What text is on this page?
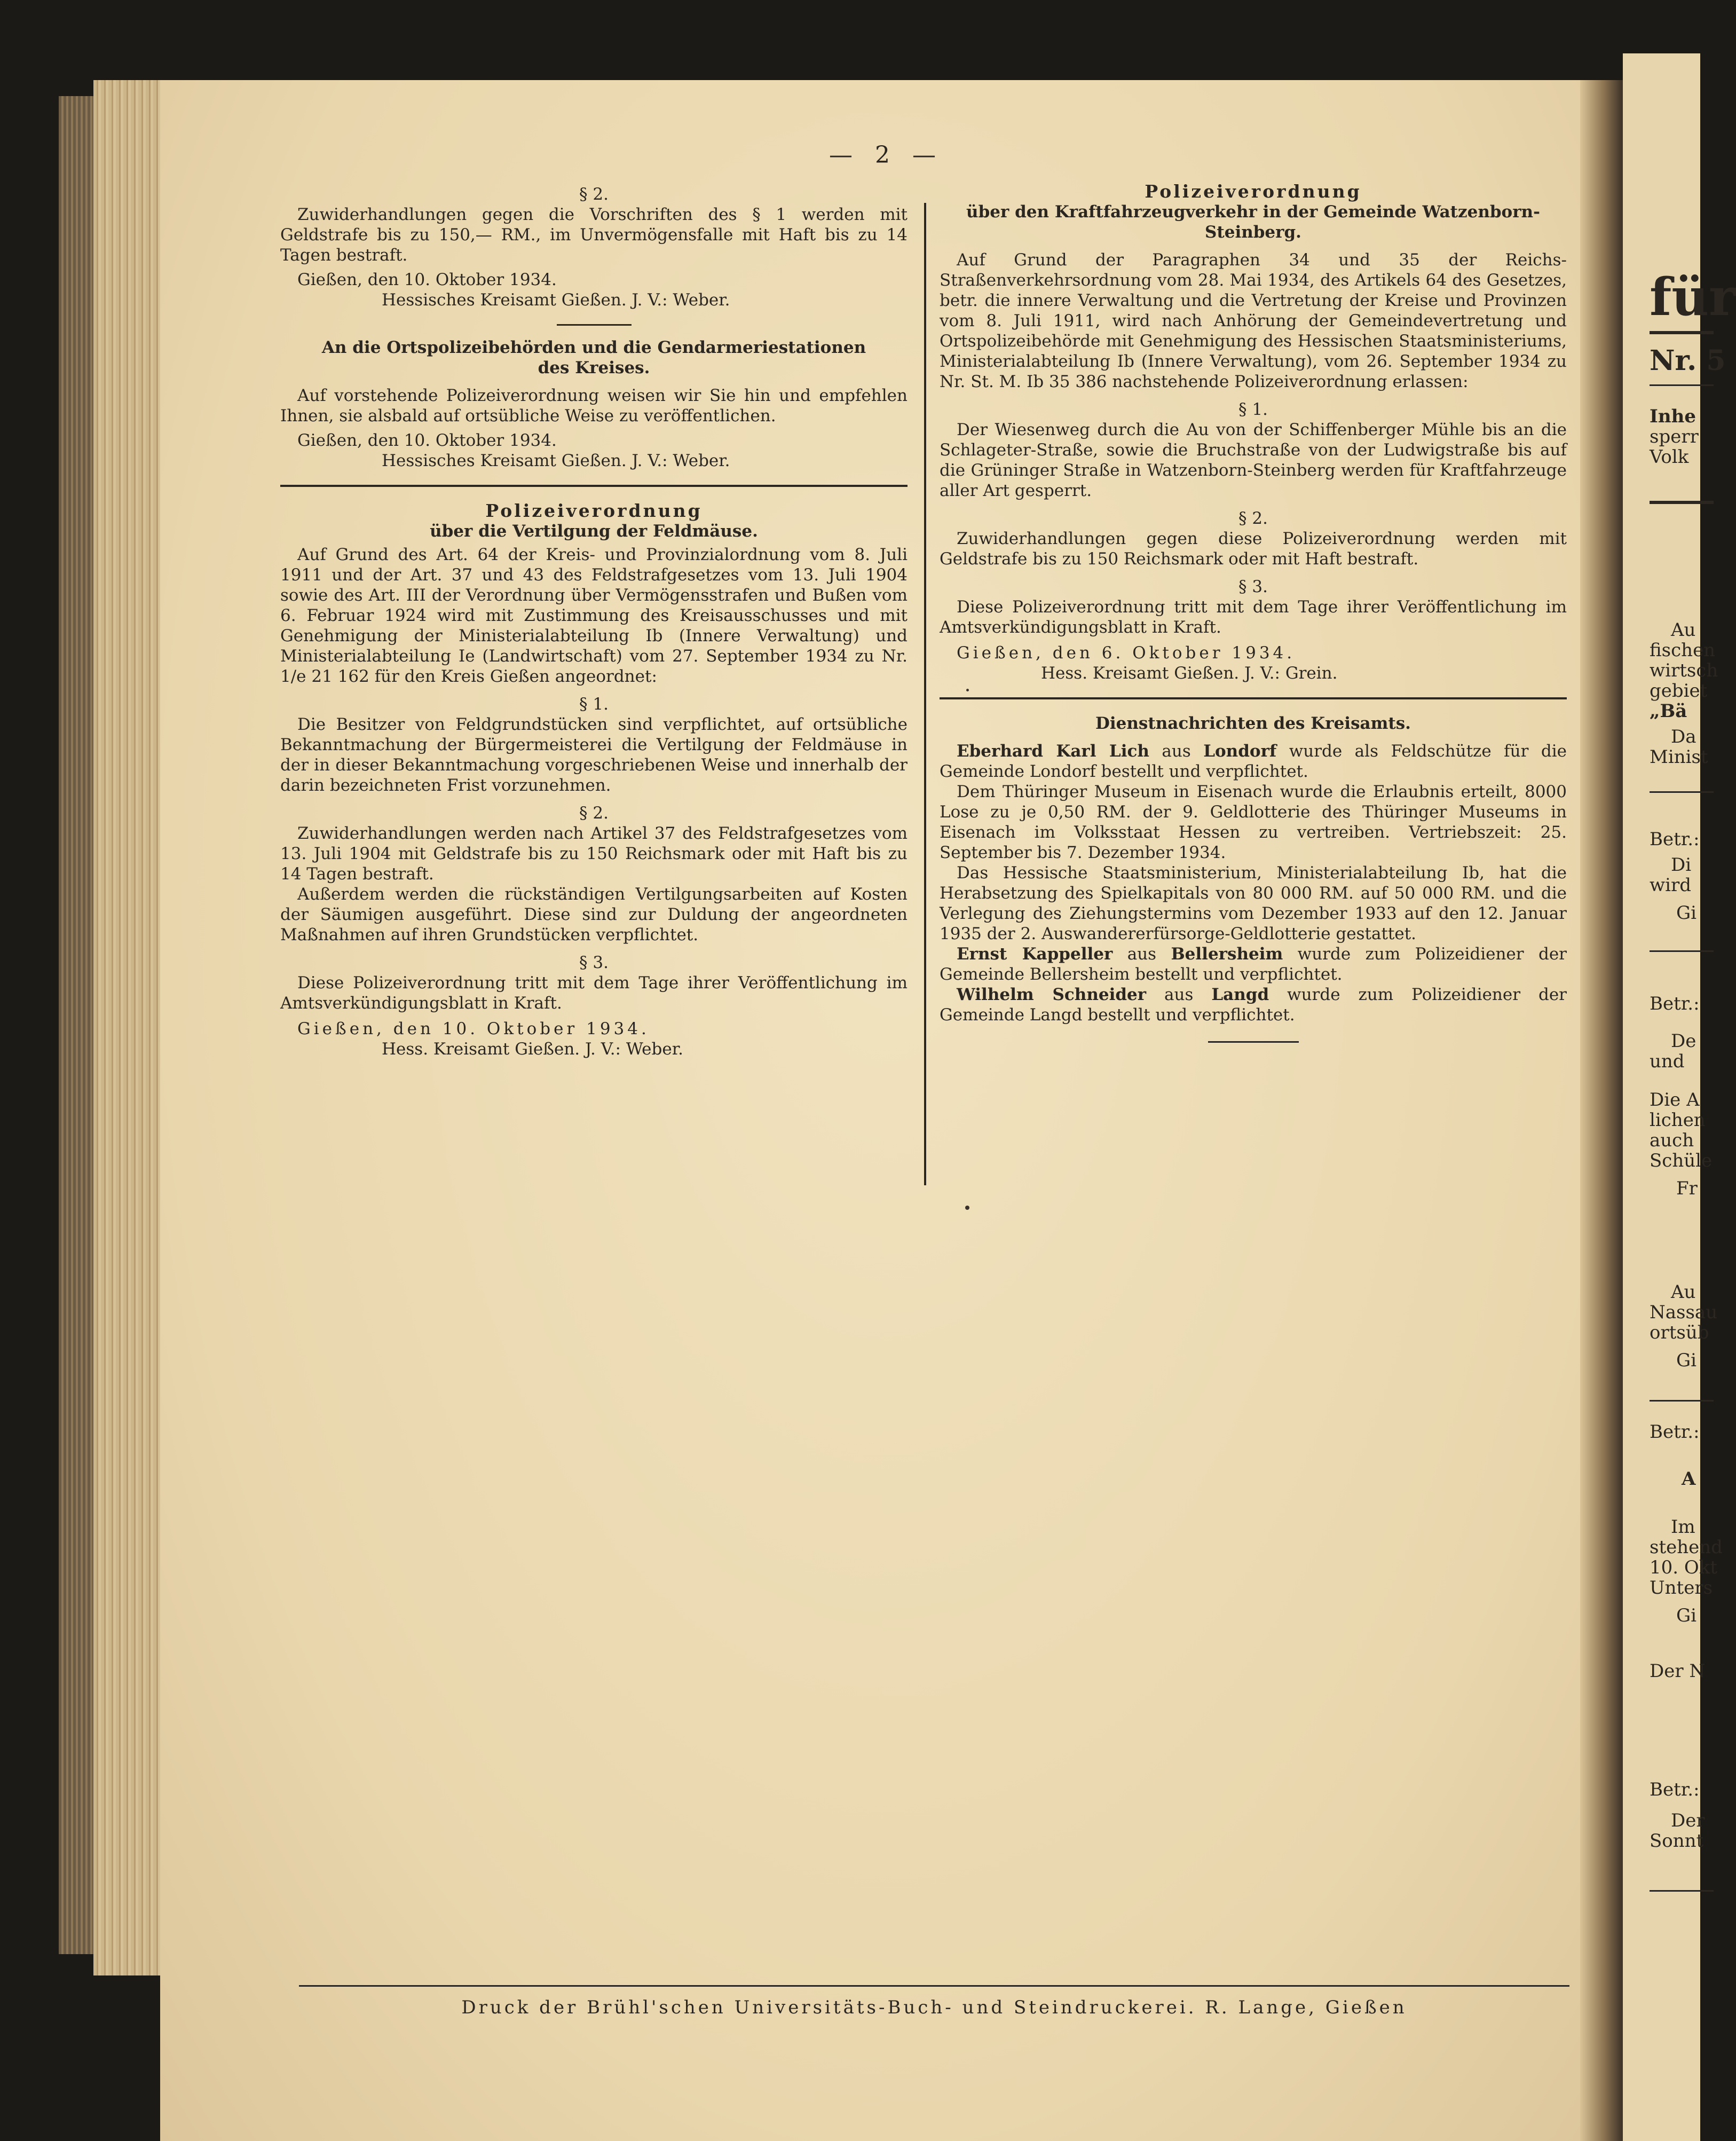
— 2 —
§ 2.
Zuwiderhandlungen gegen die Vorschriften des § 1 werden mit Geldstrafe bis zu 150,— RM., im Unvermögensfalle mit Haft bis zu 14 Tagen bestraft.
Gießen, den 10. Oktober 1934.
Hessisches Kreisamt Gießen. J. V.: Weber.
An die Ortspolizeibehörden und die Gendarmeriestationen des Kreises.
Auf vorstehende Polizeiverordnung weisen wir Sie hin und empfehlen Ihnen, sie alsbald auf ortsübliche Weise zu veröffentlichen.
Gießen, den 10. Oktober 1934.
Hessisches Kreisamt Gießen. J. V.: Weber.
Polizeiverordnung
über die Vertilgung der Feldmäuse.
Auf Grund des Art. 64 der Kreis- und Provinzialordnung vom 8. Juli 1911 und der Art. 37 und 43 des Feldstrafgesetzes vom 13. Juli 1904 sowie des Art. III der Verordnung über Vermögensstrafen und Bußen vom 6. Februar 1924 wird mit Zustimmung des Kreisausschusses und mit Genehmigung der Ministerialabteilung Ib (Innere Verwaltung) und Ministerialabteilung Ie (Landwirtschaft) vom 27. September 1934 zu Nr. 1/e 21 162 für den Kreis Gießen angeordnet:
§ 1.
Die Besitzer von Feldgrundstücken sind verpflichtet, auf ortsübliche Bekanntmachung der Bürgermeisterei die Vertilgung der Feldmäuse in der in dieser Bekanntmachung vorgeschriebenen Weise und innerhalb der darin bezeichneten Frist vorzunehmen.
§ 2.
Zuwiderhandlungen werden nach Artikel 37 des Feldstrafgesetzes vom 13. Juli 1904 mit Geldstrafe bis zu 150 Reichsmark oder mit Haft bis zu 14 Tagen bestraft.
Außerdem werden die rückständigen Vertilgungsarbeiten auf Kosten der Säumigen ausgeführt. Diese sind zur Duldung der angeordneten Maßnahmen auf ihren Grundstücken verpflichtet.
§ 3.
Diese Polizeiverordnung tritt mit dem Tage ihrer Veröffentlichung im Amtsverkündigungsblatt in Kraft.
Gießen, den 10. Oktober 1934.
Hess. Kreisamt Gießen. J. V.: Weber.
Polizeiverordnung
über den Kraftfahrzeugverkehr in der Gemeinde Watzenborn-Steinberg.
Auf Grund der Paragraphen 34 und 35 der Reichs-Straßenverkehrsordnung vom 28. Mai 1934, des Artikels 64 des Gesetzes, betr. die innere Verwaltung und die Vertretung der Kreise und Provinzen vom 8. Juli 1911, wird nach Anhörung der Gemeindevertretung und Ortspolizeibehörde mit Genehmigung des Hessischen Staatsministeriums, Ministerialabteilung Ib (Innere Verwaltung), vom 26. September 1934 zu Nr. St. M. Ib 35 386 nachstehende Polizeiverordnung erlassen:
§ 1.
Der Wiesenweg durch die Au von der Schiffenberger Mühle bis an die Schlageter-Straße, sowie die Bruchstraße von der Ludwigstraße bis auf die Grüninger Straße in Watzenborn-Steinberg werden für Kraftfahrzeuge aller Art gesperrt.
§ 2.
Zuwiderhandlungen gegen diese Polizeiverordnung werden mit Geldstrafe bis zu 150 Reichsmark oder mit Haft bestraft.
§ 3.
Diese Polizeiverordnung tritt mit dem Tage ihrer Veröffentlichung im Amtsverkündigungsblatt in Kraft.
Gießen, den 6. Oktober 1934.
Hess. Kreisamt Gießen. J. V.: Grein.
Dienstnachrichten des Kreisamts.
Eberhard Karl Lich aus Londorf wurde als Feldschütze für die Gemeinde Londorf bestellt und verpflichtet.
Dem Thüringer Museum in Eisenach wurde die Erlaubnis erteilt, 8000 Lose zu je 0,50 RM. der 9. Geldlotterie des Thüringer Museums in Eisenach im Volksstaat Hessen zu vertreiben. Vertriebszeit: 25. September bis 7. Dezember 1934.
Das Hessische Staatsministerium, Ministerialabteilung Ib, hat die Herabsetzung des Spielkapitals von 80 000 RM. auf 50 000 RM. und die Verlegung des Ziehungstermins vom Dezember 1933 auf den 12. Januar 1935 der 2. Auswandererfürsorge-Geldlotterie gestattet.
Ernst Kappeller aus Bellersheim wurde zum Polizeidiener der Gemeinde Bellersheim bestellt und verpflichtet.
Wilhelm Schneider aus Langd wurde zum Polizeidiener der Gemeinde Langd bestellt und verpflichtet.
Druck der Brühl'schen Universitäts-Buch- und Steindruckerei. R. Lange, Gießen
für
Nr. 5
Inhe
sperr
Volk
Au
fischen
wirtsch
gebiet
„Bä
Da
Minist
Betr.:
Di
wird
Gi
Betr.:
De
und
Die A
lichen
auch
Schüle
Fr
Au
Nassau
ortsüb
Gi
Betr.:
A
Im
stehend
10. Okt
Unters
Gi
Der N
Betr.:
Der
Sonnt
